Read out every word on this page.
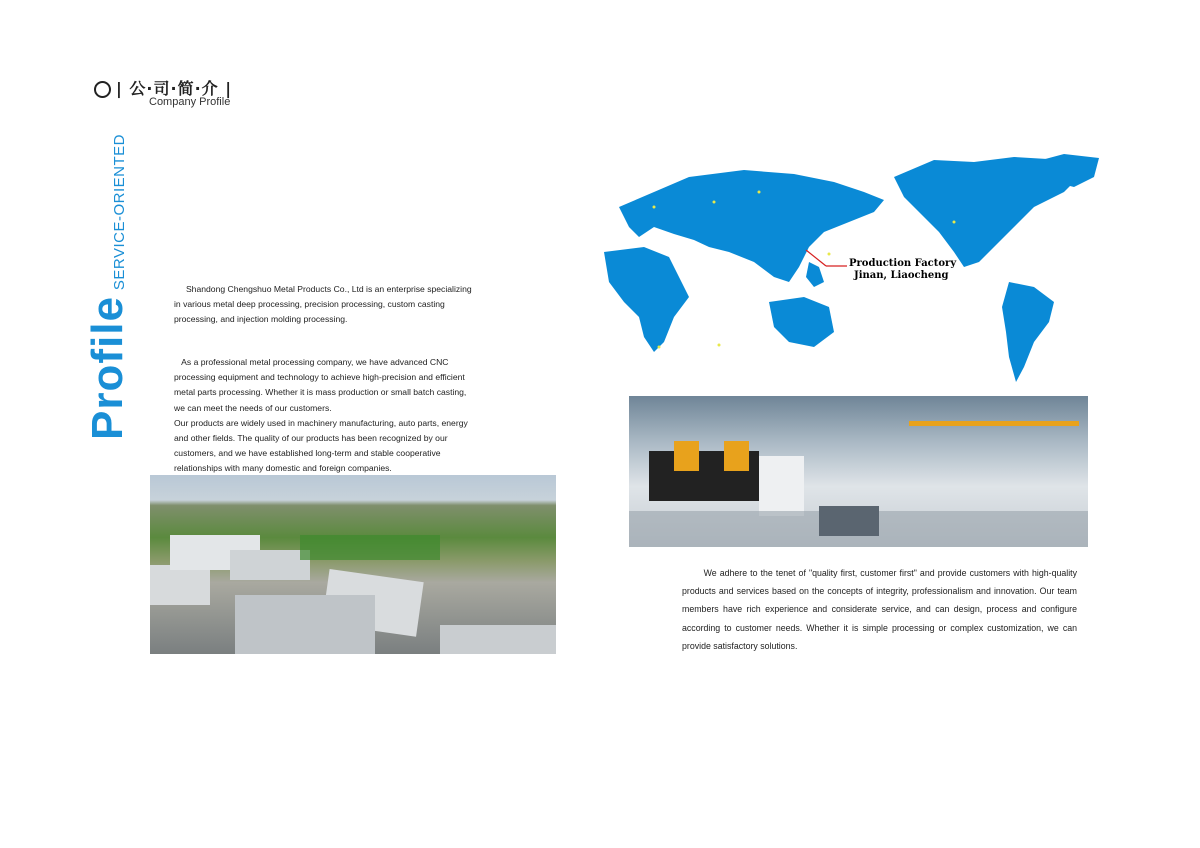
| 公·司·简·介 |
Company Profile
Profile
SERVICE-ORIENTED	Shandong Chengshuo Metal Products Co., Ltd is an enterprise specializing in various metal deep processing, precision processing, custom casting processing, and injection molding processing.
As a professional metal processing company, we have advanced CNC processing equipment and technology to achieve high-precision and efficient metal parts processing. Whether it is mass production or small batch casting, we can meet the needs of our customers.
Our products are widely used in machinery manufacturing, auto parts, energy and other fields. The quality of our products has been recognized by our customers, and we have established long-term and stable cooperative relationships with many domestic and foreign companies.
Production Factory
Jinan, Liaocheng
We adhere to the tenet of "quality first, customer first" and provide customers with high-quality products and services based on the concepts of integrity, professionalism and innovation. Our team members have rich experience and considerate service, and can design, process and configure according to customer needs. Whether it is simple processing or complex customization, we can provide satisfactory solutions.
